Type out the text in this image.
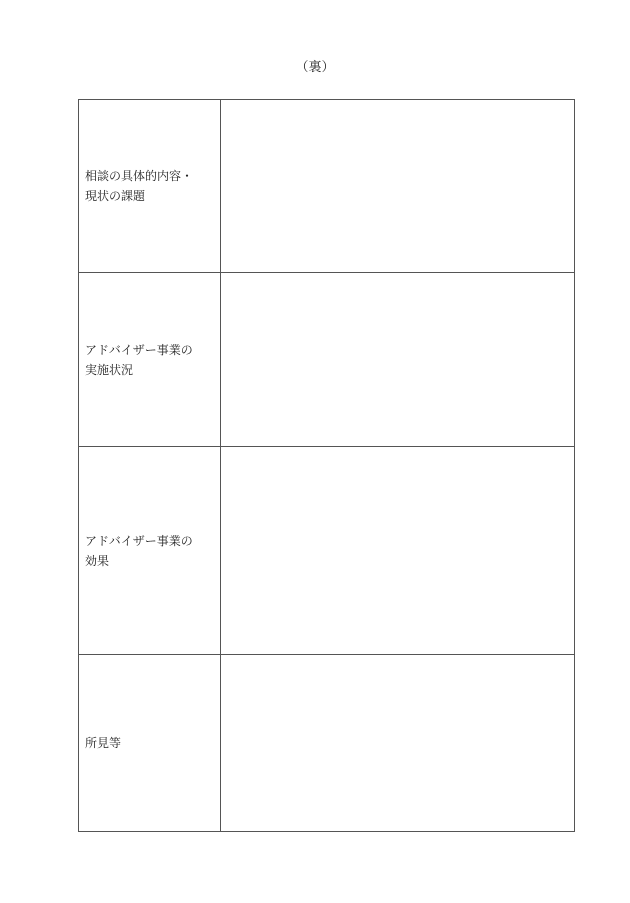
（裏）
相談の具体的内容・
現状の課題	

アドバイザー事業の
実施状況	

アドバイザー事業の
効果	

所見等	
